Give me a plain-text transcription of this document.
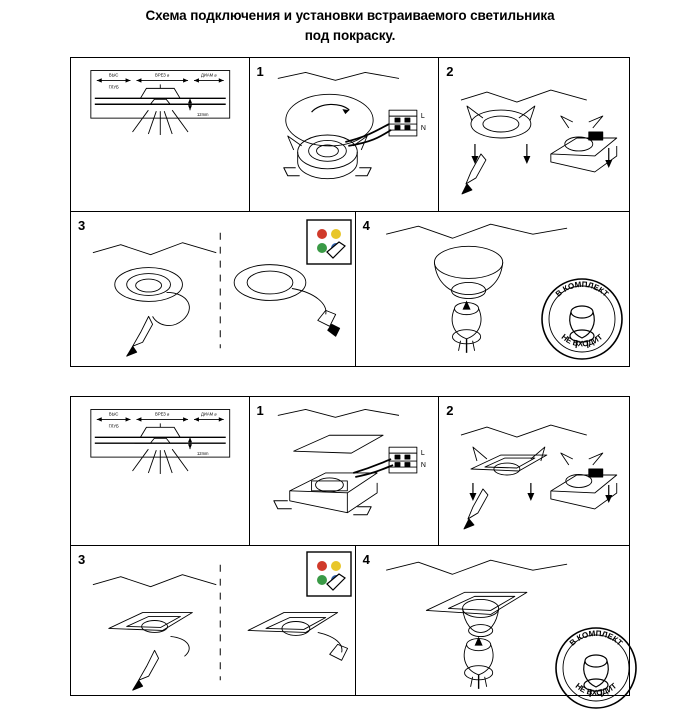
Схема подключения и установки встраиваемого светильника
под покраску.
ВЫС	ВРЕЗ ⌀	ДИАМ ⌀
ГЛУБ
12mm
1
L
N
2
3	4
В КОМПЛЕКТ
НЕ ВХОДИТ
ВЫС	ВРЕЗ ⌀	ДИАМ ⌀
ГЛУБ
12mm
1
L
N
2
3	4
В КОМПЛЕКТ
НЕ ВХОДИТ
